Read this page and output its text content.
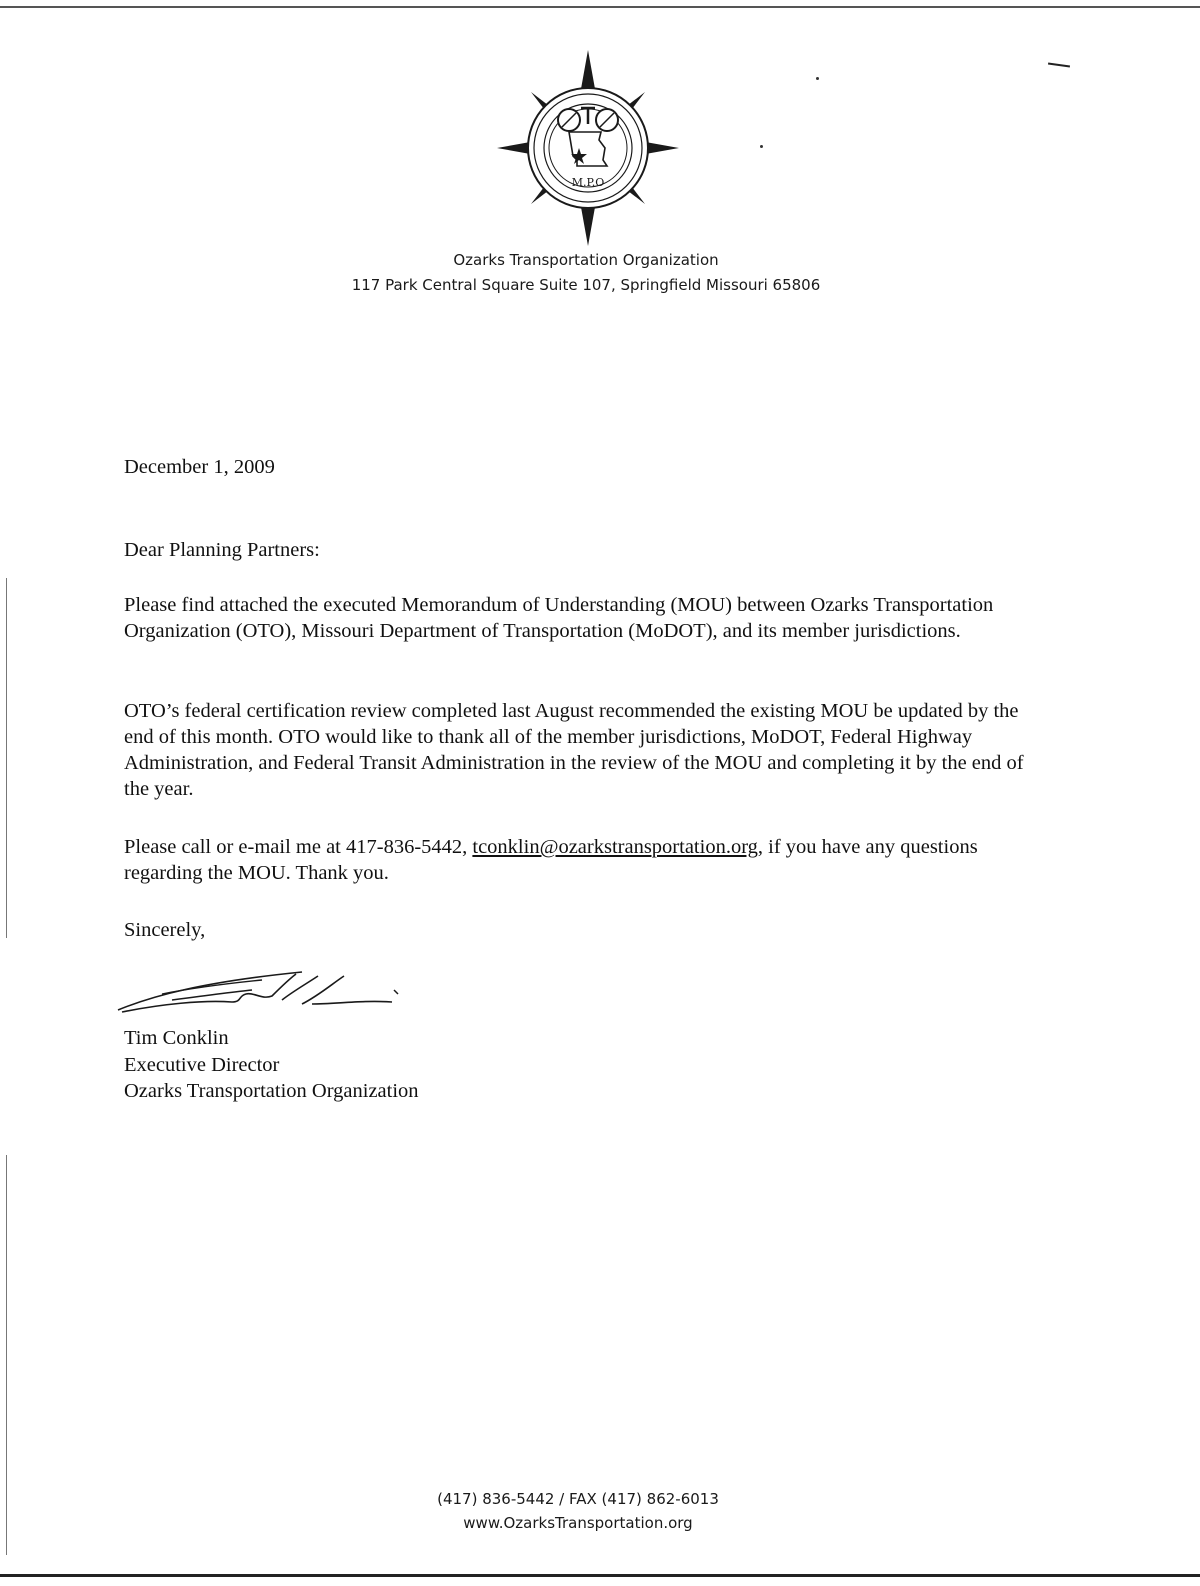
M.P.O
Ozarks Transportation Organization
117 Park Central Square Suite 107, Springfield Missouri 65806
December 1, 2009
Dear Planning Partners:
Please find attached the executed Memorandum of Understanding (MOU) between Ozarks Transportation Organization (OTO), Missouri Department of Transportation (MoDOT), and its member jurisdictions.
OTO’s federal certification review completed last August recommended the existing MOU be updated by the end of this month. OTO would like to thank all of the member jurisdictions, MoDOT, Federal Highway Administration, and Federal Transit Administration in the review of the MOU and completing it by the end of the year.
Please call or e-mail me at 417-836-5442, tconklin@ozarkstransportation.org, if you have any questions regarding the MOU. Thank you.
Sincerely,
Tim Conklin
Executive Director
Ozarks Transportation Organization
(417) 836-5442 / FAX (417) 862-6013
www.OzarksTransportation.org
